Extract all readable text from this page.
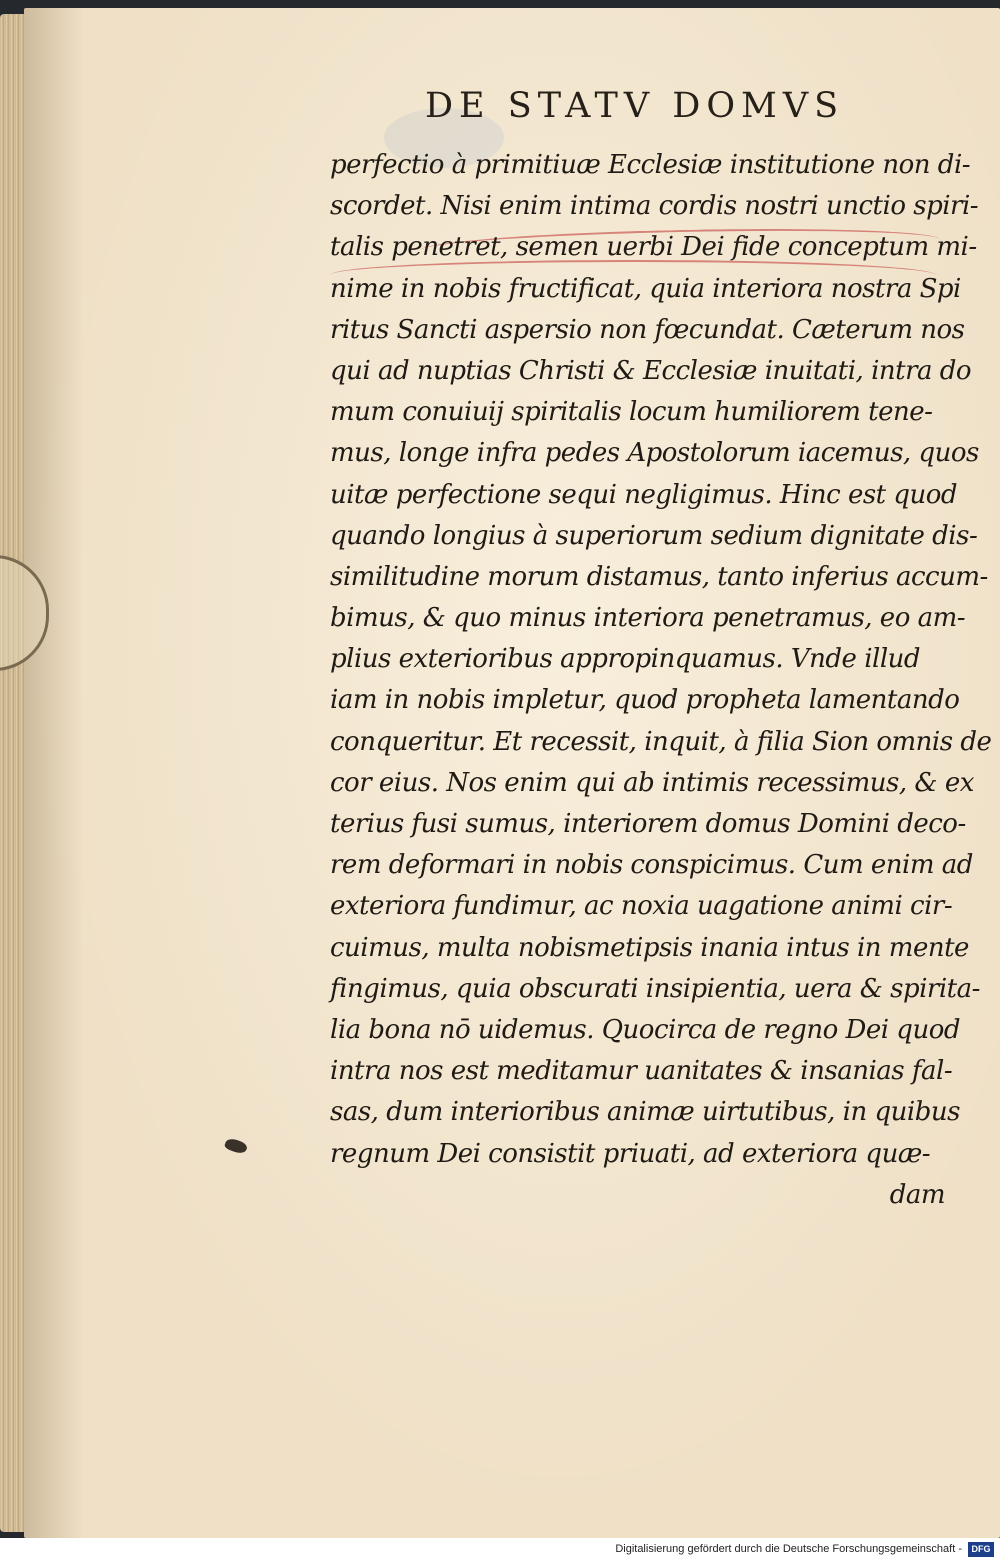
DE STATV DOMVS
perfectio à primitiuæ Ecclesiæ institutione non di-
scordet. Nisi enim intima cordis nostri unctio spiri-
talis penetret, semen uerbi Dei fide conceptum mi-
nime in nobis fructificat, quia interiora nostra Spi
ritus Sancti aspersio non fœcundat. Cæterum nos
qui ad nuptias Christi & Ecclesiæ inuitati, intra do
mum conuiuij spiritalis locum humiliorem tene-
mus, longe infra pedes Apostolorum iacemus, quos
uitæ perfectione sequi negligimus. Hinc est quod
quando longius à superiorum sedium dignitate dis-
similitudine morum distamus, tanto inferius accum-
bimus, & quo minus interiora penetramus, eo am-
plius exterioribus appropinquamus. Vnde illud
iam in nobis impletur, quod propheta lamentando
conqueritur. Et recessit, inquit, à filia Sion omnis de
cor eius. Nos enim qui ab intimis recessimus, & ex
terius fusi sumus, interiorem domus Domini deco-
rem deformari in nobis conspicimus. Cum enim ad
exteriora fundimur, ac noxia uagatione animi cir-
cuimus, multa nobismetipsis inania intus in mente
fingimus, quia obscurati insipientia, uera & spirita-
lia bona nō uidemus. Quocirca de regno Dei quod
intra nos est meditamur uanitates & insanias fal-
sas, dum interioribus animæ uirtutibus, in quibus
regnum Dei consistit priuati, ad exteriora quæ-
dam
Digitalisierung gefördert durch die Deutsche Forschungsgemeinschaft -	DFG
